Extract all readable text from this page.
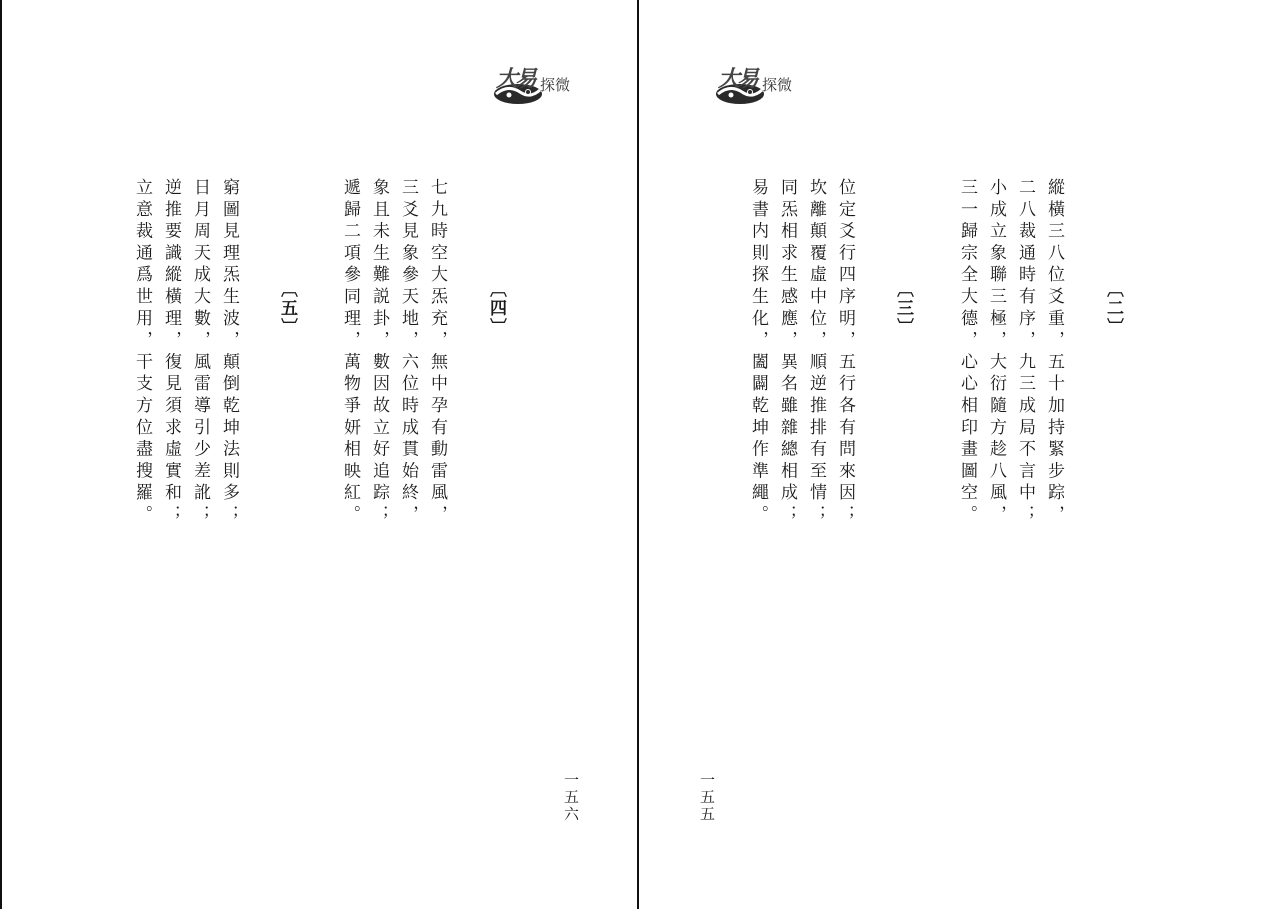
大易 探微
〔四〕
七九時空大炁充，無中孕有動雷風，
三爻見象參天地，六位時成貫始終，
象且未生難説卦，數因故立好追踪；
遞歸二項參同理，萬物爭妍相映紅。
〔五〕
窮圖見理炁生波，顛倒乾坤法則多；
日月周天成大數，風雷導引少差訛；
逆推要識縱橫理，復見須求虛實和；
立意裁通爲世用，干支方位盡搜羅。
一五六
大易 探微
〔二〕
縱橫三八位爻重，五十加持緊步踪，
二八裁通時有序，九三成局不言中；
小成立象聯三極，大衍隨方趁八風，
三一歸宗全大德，心心相印畫圖空。
〔三〕
位定爻行四序明，五行各有問來因；
坎離顛覆虛中位，順逆推排有至情；
同炁相求生感應，異名雖雜總相成；
易書内則探生化，闔闢乾坤作準繩。
一五五
